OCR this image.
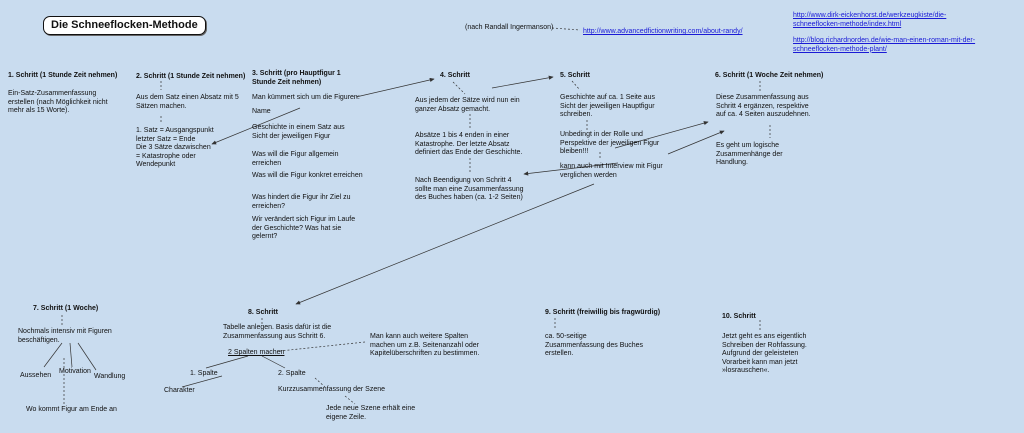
Die Schneeflocken-Methode	(nach Randall Ingermanson)
http://www.advancedfictionwriting.com/about-randy/
http://www.dirk-eickenhorst.de/werkzeugkiste/die-schneeflocken-methode/index.html
http://blog.richardnorden.de/wie-man-einen-roman-mit-der-schneeflocken-methode-plant/
1. Schritt (1 Stunde Zeit nehmen)
Ein-Satz-Zusammenfassung erstellen (nach Möglichkeit nicht mehr als 15 Worte).
2. Schritt (1 Stunde Zeit nehmen)
Aus dem Satz einen Absatz mit 5 Sätzen machen.
1. Satz = Ausgangspunkt
letzter Satz = Ende
Die 3 Sätze dazwischen
= Katastrophe oder
Wendepunkt
3. Schritt (pro Hauptfigur 1 Stunde Zeit nehmen)
Man kümmert sich um die Figuren:
Name
Geschichte in einem Satz aus Sicht der jeweiligen Figur
Was will die Figur allgemein erreichen
Was will die Figur konkret erreichen
Was hindert die Figur ihr Ziel zu erreichen?
Wir verändert sich Figur im Laufe der Geschichte? Was hat sie gelernt?
4. Schritt
Aus jedem der Sätze wird nun ein ganzer Absatz gemacht.
Absätze 1 bis 4 enden in einer Katastrophe. Der letzte Absatz definiert das Ende der Geschichte.
Nach Beendigung von Schritt 4 sollte man eine Zusammenfassung des Buches haben (ca. 1-2 Seiten)
5. Schritt
Geschichte auf ca. 1 Seite aus Sicht der jeweiligen Hauptfigur schreiben.
Unbedingt in der Rolle und Perspektive der jeweiligen Figur bleiben!!!
kann auch mit Interview mit Figur verglichen werden
6. Schritt (1 Woche Zeit nehmen)
Diese Zusammenfassung aus Schritt 4 ergänzen, respektive auf ca. 4 Seiten auszudehnen.
Es geht um logische Zusammenhänge der Handlung.
7. Schritt (1 Woche)
Nochmals intensiv mit Figuren beschäftigen.
Aussehen
Motivation
Wandlung
Wo kommt Figur am Ende an
8. Schritt
Tabelle anlegen. Basis dafür ist die Zusammenfassung aus Schritt 6.
2 Spalten machen
Man kann auch weitere Spalten machen um z.B. Seitenanzahl oder Kapitelüberschriften zu bestimmen.
1. Spalte
Charakter
2. Spalte
Kurzzusammenfassung der Szene
Jede neue Szene erhält eine eigene Zeile.
9. Schritt (freiwillig bis fragwürdig)
ca. 50-seitige Zusammenfassung des Buches erstellen.
10. Schritt
Jetzt geht es ans eigentlich Schreiben der Rohfassung. Aufgrund der geleisteten Vorarbeit kann man jetzt »losrauschen«.
